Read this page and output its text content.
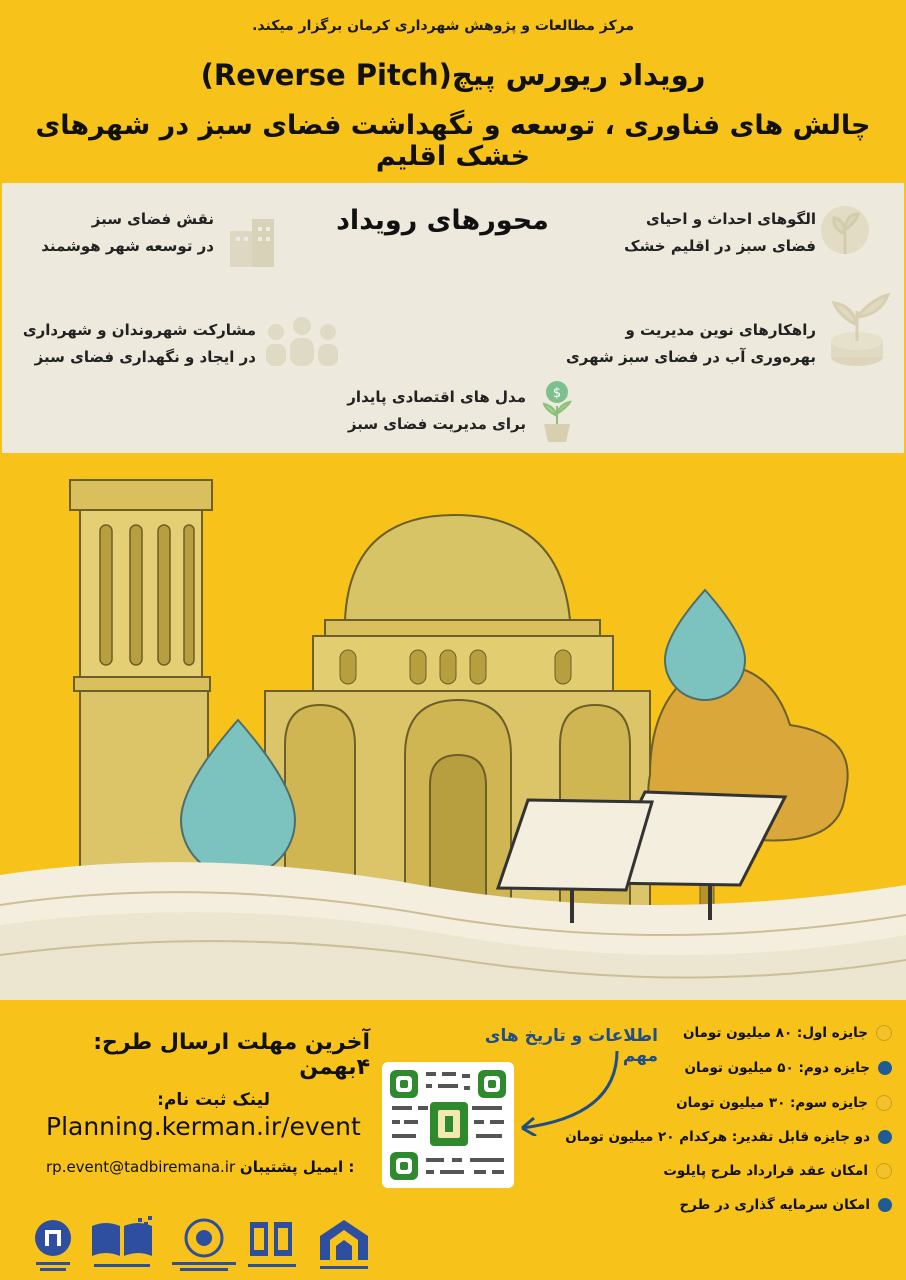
مرکز مطالعات و پژوهش شهرداری کرمان برگزار میکند.
رویداد ریورس پیچ(Reverse Pitch)
چالش های فناوری ، توسعه و نگهداشت فضای سبز در شهرهای خشک اقلیم
محورهای رویداد
$
الگوهای احداث و احیای
فضای سبز در اقلیم خشک
نقش فضای سبز
در توسعه شهر هوشمند
راهکارهای نوین مدیریت و
بهره‌وری آب در فضای سبز شهری
مشارکت شهروندان و شهرداری
در ایجاد و نگهداری فضای سبز
مدل های اقتصادی پایدار
برای مدیریت فضای سبز
آخرین مهلت ارسال طرح: ۴بهمن
لینک ثبت نام:
Planning.kerman.ir/event
rp.event@tadbiremana.ir ایمیل پشتیبان :
اطلاعات و تاریخ های مهم
جایزه اول: ۸۰ میلیون تومان
جایزه دوم: ۵۰ میلیون تومان
جایزه سوم: ۳۰ میلیون تومان
دو جایزه قابل تقدیر: هرکدام ۲۰ میلیون تومان
امکان عقد قرارداد طرح پایلوت
امکان سرمایه گذاری در طرح
